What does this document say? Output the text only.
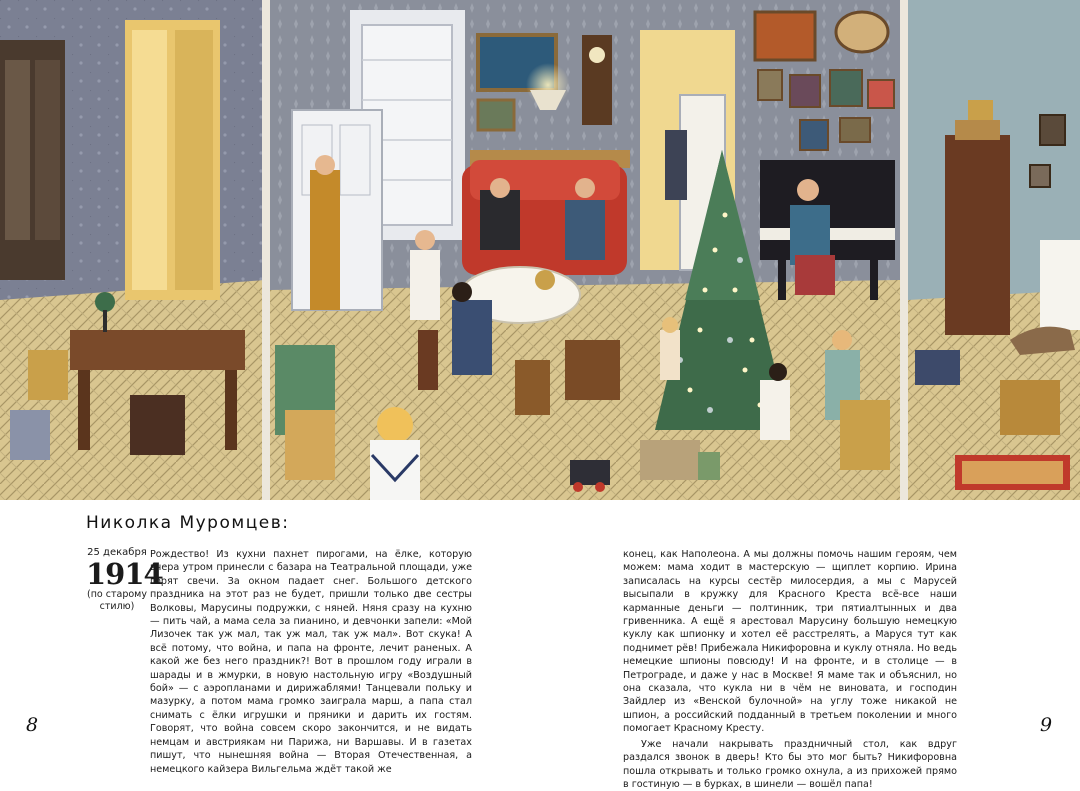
Николка Муромцев:
25 декабря
1914
(по старому
стилю)

Рождество! Из кухни пахнет пирогами, на ёлке, которую вчера утром принесли с базара на Театральной площади, уже горят свечи. За окном падает снег. Большого детского праздника на этот раз не будет, пришли только две сестры Волковы, Марусины подружки, с няней. Няня сразу на кухню — пить чай, а мама села за пианино, и девчонки запели: «Мой Лизочек так уж мал, так уж мал, так уж мал». Вот скука! А всё потому, что война, и папа на фронте, лечит раненых. А какой же без него праздник?! Вот в прошлом году играли в шарады и в жмурки, в новую настольную игру «Воздушный бой» — с аэропланами и дирижаблями! Танцевали польку и мазурку, а потом мама громко заиграла марш, а папа стал снимать с ёлки игрушки и пряники и дарить их гостям. Говорят, что война совсем скоро закончится, и не видать немцам и австриякам ни Парижа, ни Варшавы. И в газетах пишут, что нынешняя война — Вторая Отечественная, а немецкого кайзера Вильгельма ждёт такой же

конец, как Наполеона. А мы должны помочь нашим героям, чем можем: мама ходит в мастерскую — щиплет корпию. Ирина записалась на курсы сестёр милосердия, а мы с Марусей высыпали в кружку для Красного Креста всё-все наши карманные деньги — полтинник, три пятиалтынных и два гривенника. А ещё я арестовал Марусину большую немецкую куклу как шпионку и хотел её расстрелять, а Маруся тут как поднимет рёв! Прибежала Никифоровна и куклу отняла. Но ведь немецкие шпионы повсюду! И на фронте, и в столице — в Петрограде, и даже у нас в Москве! Я маме так и объяснил, но она сказала, что кукла ни в чём не виновата, и господин Зайдлер из «Венской булочной» на углу тоже никакой не шпион, а российский подданный в третьем поколении и много помогает Красному Кресту.

Уже начали накрывать праздничный стол, как вдруг раздался звонок в дверь! Кто бы это мог быть? Никифоровна пошла открывать и только громко охнула, а из прихожей прямо в гостиную — в бурках, в шинели — вошёл папа!

8	9
